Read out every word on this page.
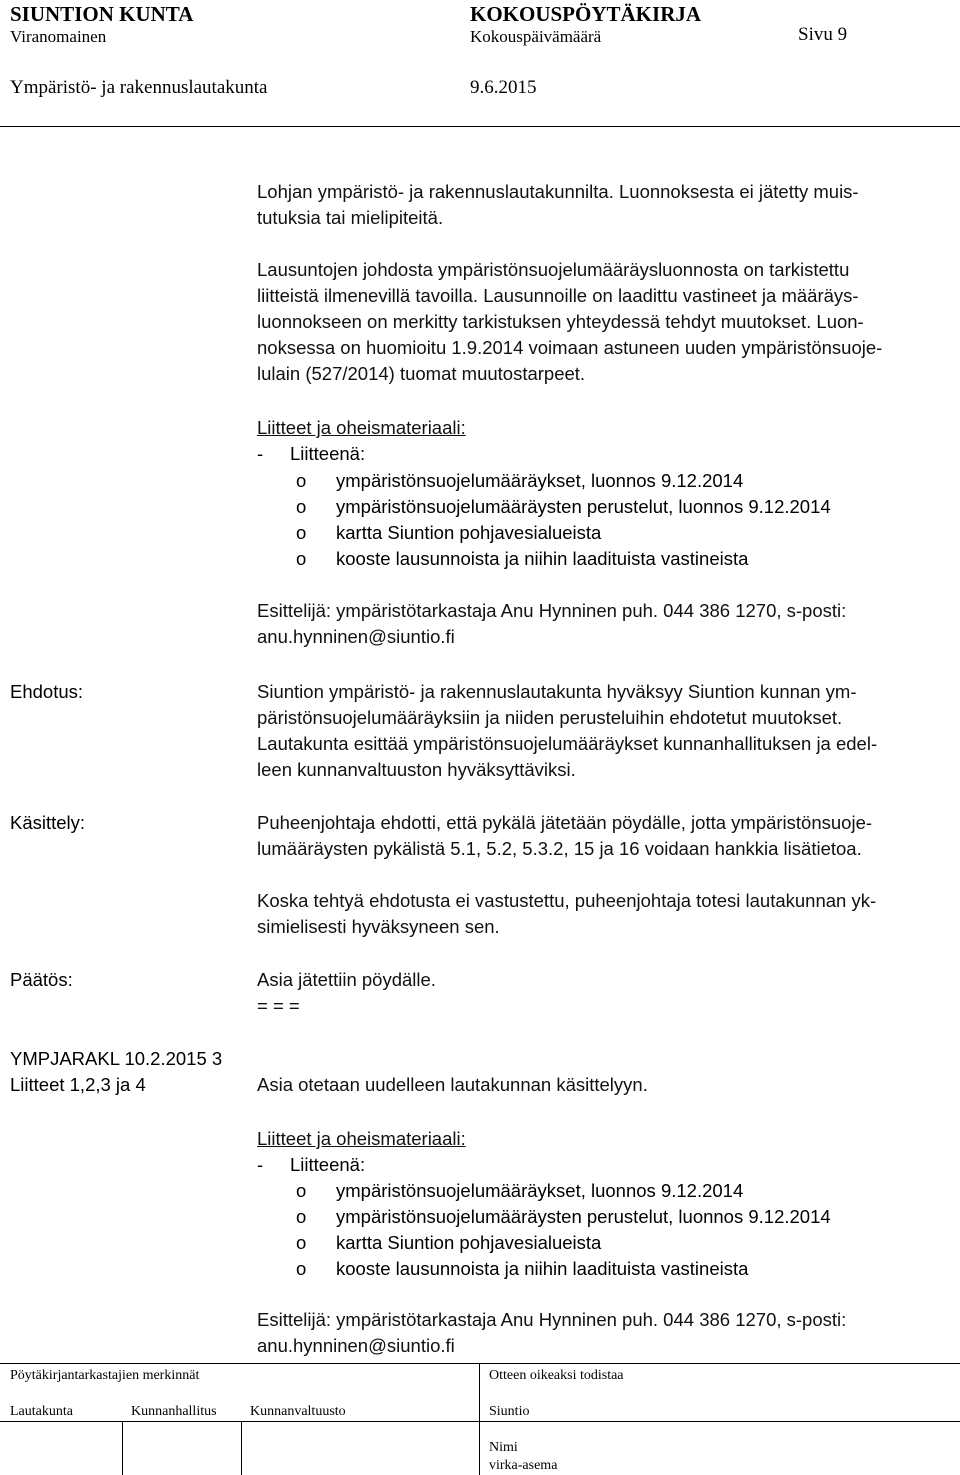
SIUNTION KUNTA	KOKOUSPÖYTÄKIRJA
Viranomainen	Kokouspäivämäärä	Sivu 9
Ympäristö- ja rakennuslautakunta	9.6.2015
Lohjan ympäristö- ja rakennuslautakunnilta. Luonnoksesta ei jätetty muis-
tutuksia tai mielipiteitä.
Lausuntojen johdosta ympäristönsuojelumääräysluonnosta on tarkistettu
liitteistä ilmenevillä tavoilla. Lausunnoille on laadittu vastineet ja määräys-
luonnokseen on merkitty tarkistuksen yhteydessä tehdyt muutokset. Luon-
noksessa on huomioitu 1.9.2014 voimaan astuneen uuden ympäristönsuoje-
lulain (527/2014) tuomat muutostarpeet.
Liitteet ja oheismateriaali:
- Liitteenä:
o ympäristönsuojelumääräykset, luonnos 9.12.2014
o ympäristönsuojelumääräysten perustelut, luonnos 9.12.2014
o kartta Siuntion pohjavesialueista
o kooste lausunnoista ja niihin laadituista vastineista
Esittelijä: ympäristötarkastaja Anu Hynninen puh. 044 386 1270, s-posti:
anu.hynninen@siuntio.fi
Ehdotus:	Siuntion ympäristö- ja rakennuslautakunta hyväksyy Siuntion kunnan ym-
päristönsuojelumääräyksiin ja niiden perusteluihin ehdotetut muutokset.
Lautakunta esittää ympäristönsuojelumääräykset kunnanhallituksen ja edel-
leen kunnanvaltuuston hyväksyttäviksi.
Käsittely:	Puheenjohtaja ehdotti, että pykälä jätetään pöydälle, jotta ympäristönsuoje-
lumääräysten pykälistä 5.1, 5.2, 5.3.2, 15 ja 16 voidaan hankkia lisätietoa.
Koska tehtyä ehdotusta ei vastustettu, puheenjohtaja totesi lautakunnan yk-
simielisesti hyväksyneen sen.
Päätös:	Asia jätettiin pöydälle.
= = =
YMPJARAKL 10.2.2015 3
Liitteet 1,2,3 ja 4	Asia otetaan uudelleen lautakunnan käsittelyyn.
Liitteet ja oheismateriaali:
- Liitteenä:
o ympäristönsuojelumääräykset, luonnos 9.12.2014
o ympäristönsuojelumääräysten perustelut, luonnos 9.12.2014
o kartta Siuntion pohjavesialueista
o kooste lausunnoista ja niihin laadituista vastineista
Esittelijä: ympäristötarkastaja Anu Hynninen puh. 044 386 1270, s-posti:
anu.hynninen@siuntio.fi
Pöytäkirjantarkastajien merkinnät	Otteen oikeaksi todistaa
Lautakunta	Kunnanhallitus Kunnanvaltuusto	Siuntio
Nimi
virka-asema
